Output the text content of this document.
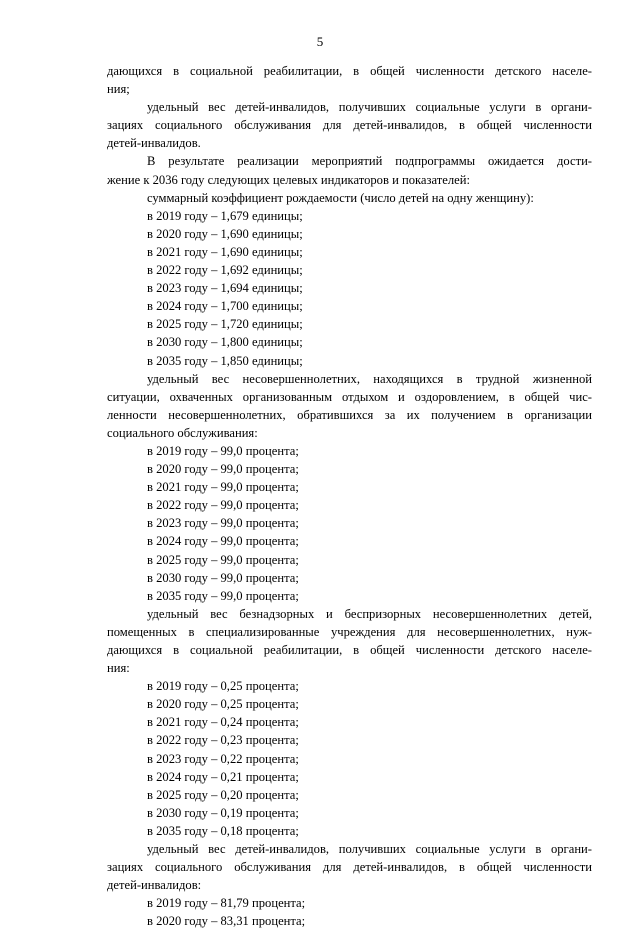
5

дающихся в социальной реабилитации, в общей численности детского населе-

ния;

удельный вес детей-инвалидов, получивших социальные услуги в органи-

зациях социального обслуживания для детей-инвалидов, в общей численности

детей-инвалидов.

В результате реализации мероприятий подпрограммы ожидается дости-

жение к 2036 году следующих целевых индикаторов и показателей:

суммарный коэффициент рождаемости (число детей на одну женщину):

в 2019 году – 1,679 единицы;

в 2020 году – 1,690 единицы;

в 2021 году – 1,690 единицы;

в 2022 году – 1,692 единицы;

в 2023 году – 1,694 единицы;

в 2024 году – 1,700 единицы;

в 2025 году – 1,720 единицы;

в 2030 году – 1,800 единицы;

в 2035 году – 1,850 единицы;

удельный вес несовершеннолетних, находящихся в трудной жизненной

ситуации, охваченных организованным отдыхом и оздоровлением, в общей чис-

ленности несовершеннолетних, обратившихся за их получением в организации

социального обслуживания:

в 2019 году – 99,0 процента;

в 2020 году – 99,0 процента;

в 2021 году – 99,0 процента;

в 2022 году – 99,0 процента;

в 2023 году – 99,0 процента;

в 2024 году – 99,0 процента;

в 2025 году – 99,0 процента;

в 2030 году – 99,0 процента;

в 2035 году – 99,0 процента;

удельный вес безнадзорных и беспризорных несовершеннолетних детей,

помещенных в специализированные учреждения для несовершеннолетних, нуж-

дающихся в социальной реабилитации, в общей численности детского населе-

ния:

в 2019 году – 0,25 процента;

в 2020 году – 0,25 процента;

в 2021 году – 0,24 процента;

в 2022 году – 0,23 процента;

в 2023 году – 0,22 процента;

в 2024 году – 0,21 процента;

в 2025 году – 0,20 процента;

в 2030 году – 0,19 процента;

в 2035 году – 0,18 процента;

удельный вес детей-инвалидов, получивших социальные услуги в органи-

зациях социального обслуживания для детей-инвалидов, в общей численности

детей-инвалидов:

в 2019 году – 81,79 процента;

в 2020 году – 83,31 процента;
